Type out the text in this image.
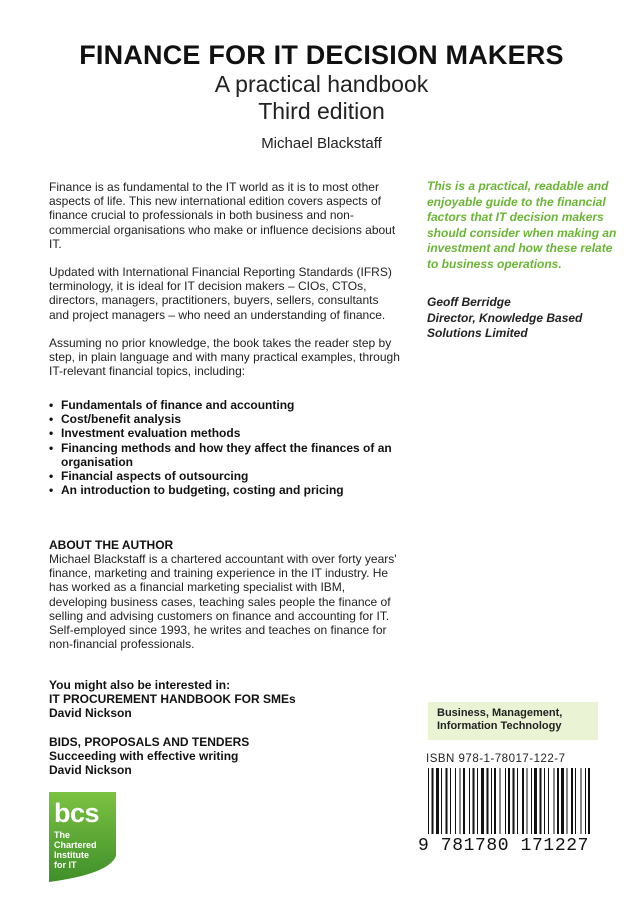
FINANCE FOR IT DECISION MAKERS
A practical handbook
Third edition
Michael Blackstaff

Finance is as fundamental to the IT world as it is to most other aspects of life. This new international edition covers aspects of finance crucial to professionals in both business and non-commercial organisations who make or influence decisions about IT.

Updated with International Financial Reporting Standards (IFRS) terminology, it is ideal for IT decision makers – CIOs, CTOs, directors, managers, practitioners, buyers, sellers, consultants and project managers – who need an understanding of finance.

Assuming no prior knowledge, the book takes the reader step by step, in plain language and with many practical examples, through IT-relevant financial topics, including:

• Fundamentals of finance and accounting
• Cost/benefit analysis
• Investment evaluation methods
• Financing methods and how they affect the finances of an organisation
• Financial aspects of outsourcing
• An introduction to budgeting, costing and pricing
ABOUT THE AUTHOR

Michael Blackstaff is a chartered accountant with over forty years' finance, marketing and training experience in the IT industry. He has worked as a financial marketing specialist with IBM, developing business cases, teaching sales people the finance of selling and advising customers on finance and accounting for IT. Self-employed since 1993, he writes and teaches on finance for non-financial professionals.

You might also be interested in:
IT PROCUREMENT HANDBOOK FOR SMEs
David Nickson
BIDS, PROPOSALS AND TENDERS
Succeeding with effective writing
David Nickson
This is a practical, readable and enjoyable guide to the financial factors that IT decision makers should consider when making an investment and how these relate to business operations.
Geoff Berridge
Director, Knowledge Based Solutions Limited
Business, Management,
Information Technology
ISBN 978-1-78017-122-7
9 781780 171227
bcs
The
Chartered
Institute
for IT
